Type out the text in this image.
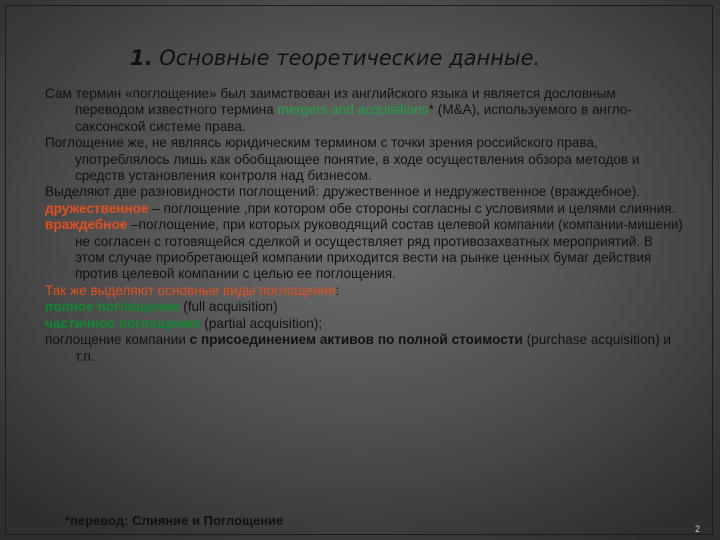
1. Основные теоретические данные.

Сам термин «поглощение» был заимствован из английского языка и является дословным переводом известного термина mergers and acquisitions* (M&A), используемого в англо-саксонской системе права.

Поглощение же, не являясь юридическим термином с точки зрения российского права, употреблялось лишь как обобщающее понятие, в ходе осуществления обзора методов и средств установления контроля над бизнесом.

Выделяют две разновидности поглощений: дружественное и недружественное (враждебное).

дружественное – поглощение ,при котором обе стороны согласны с условиями и целями слияния.

враждебное –поглощение, при которых руководящий состав целевой компании (компании-мишени) не согласен с готовящейся сделкой и осуществляет ряд противозахватных мероприятий. В этом случае приобретающей компании приходится вести на рынке ценных бумаг действия против целевой компании с целью ее поглощения.

Так же выделяют основные виды поглощения:

полное поглощение (full acquisition)

частичное поглощение (partial acquisition);

поглощение компании с присоединением активов по полной стоимости (purchase acquisition) и т.п.

*перевод: Слияние и Поглощение

2
